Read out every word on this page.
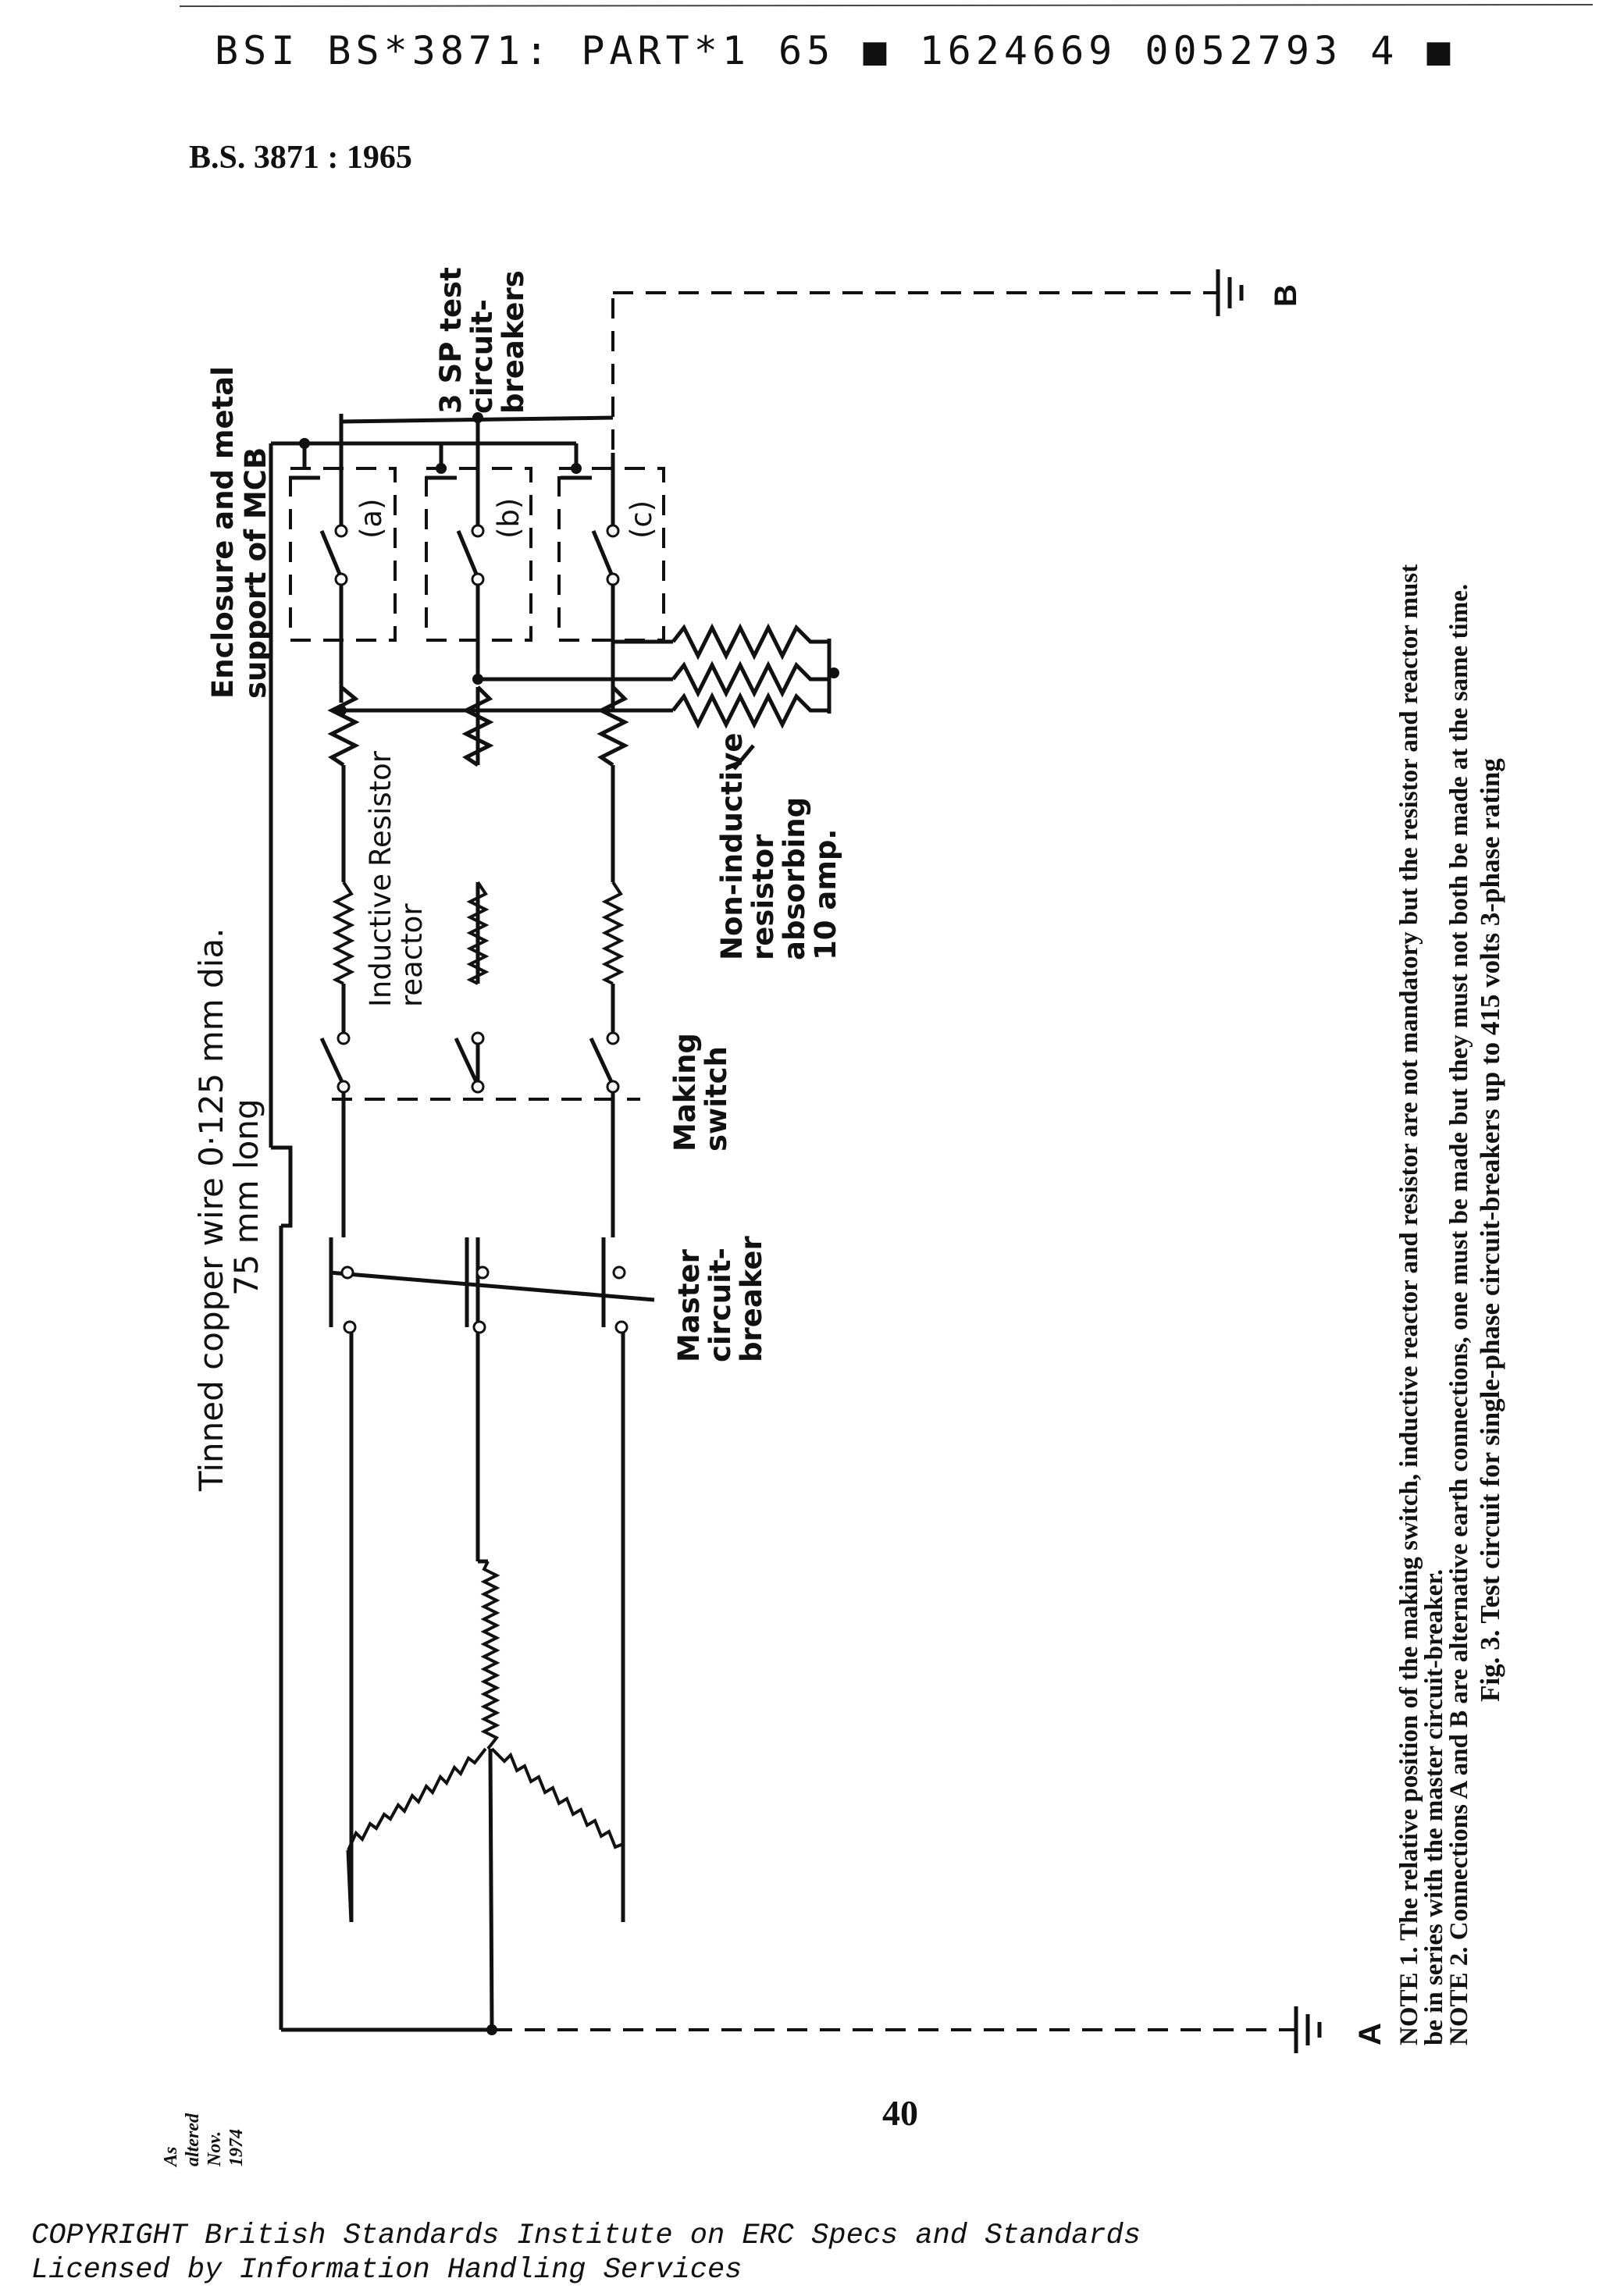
BSI BS*3871: PART*1 65 ■ 1624669 0052793 4 ■
B.S. 3871 : 1965
Enclosure and metal support of MCB
3 SP test
circuit-
breakers
(a)	(b)	(c)
Resistor
Inductive
reactor	Non-inductive
resistor
absorbing
10 amp.
Making
switch
Master
circuit-
breaker
Tinned copper wire 0·125 mm dia.
75 mm long
A
B
NOTE 1. The relative position of the making switch, inductive reactor and resistor are not mandatory but the resistor and reactor must
be in series with the master circuit-breaker.
NOTE 2. Connections A and B are alternative earth connections, one must be made but they must not both be made at the same time. Fig. 3. Test circuit for single-phase circuit-breakers up to 415 volts 3-phase rating
40
As altered Nov. 1974
COPYRIGHT British Standards Institute on ERC Specs and Standards
Licensed by Information Handling Services
